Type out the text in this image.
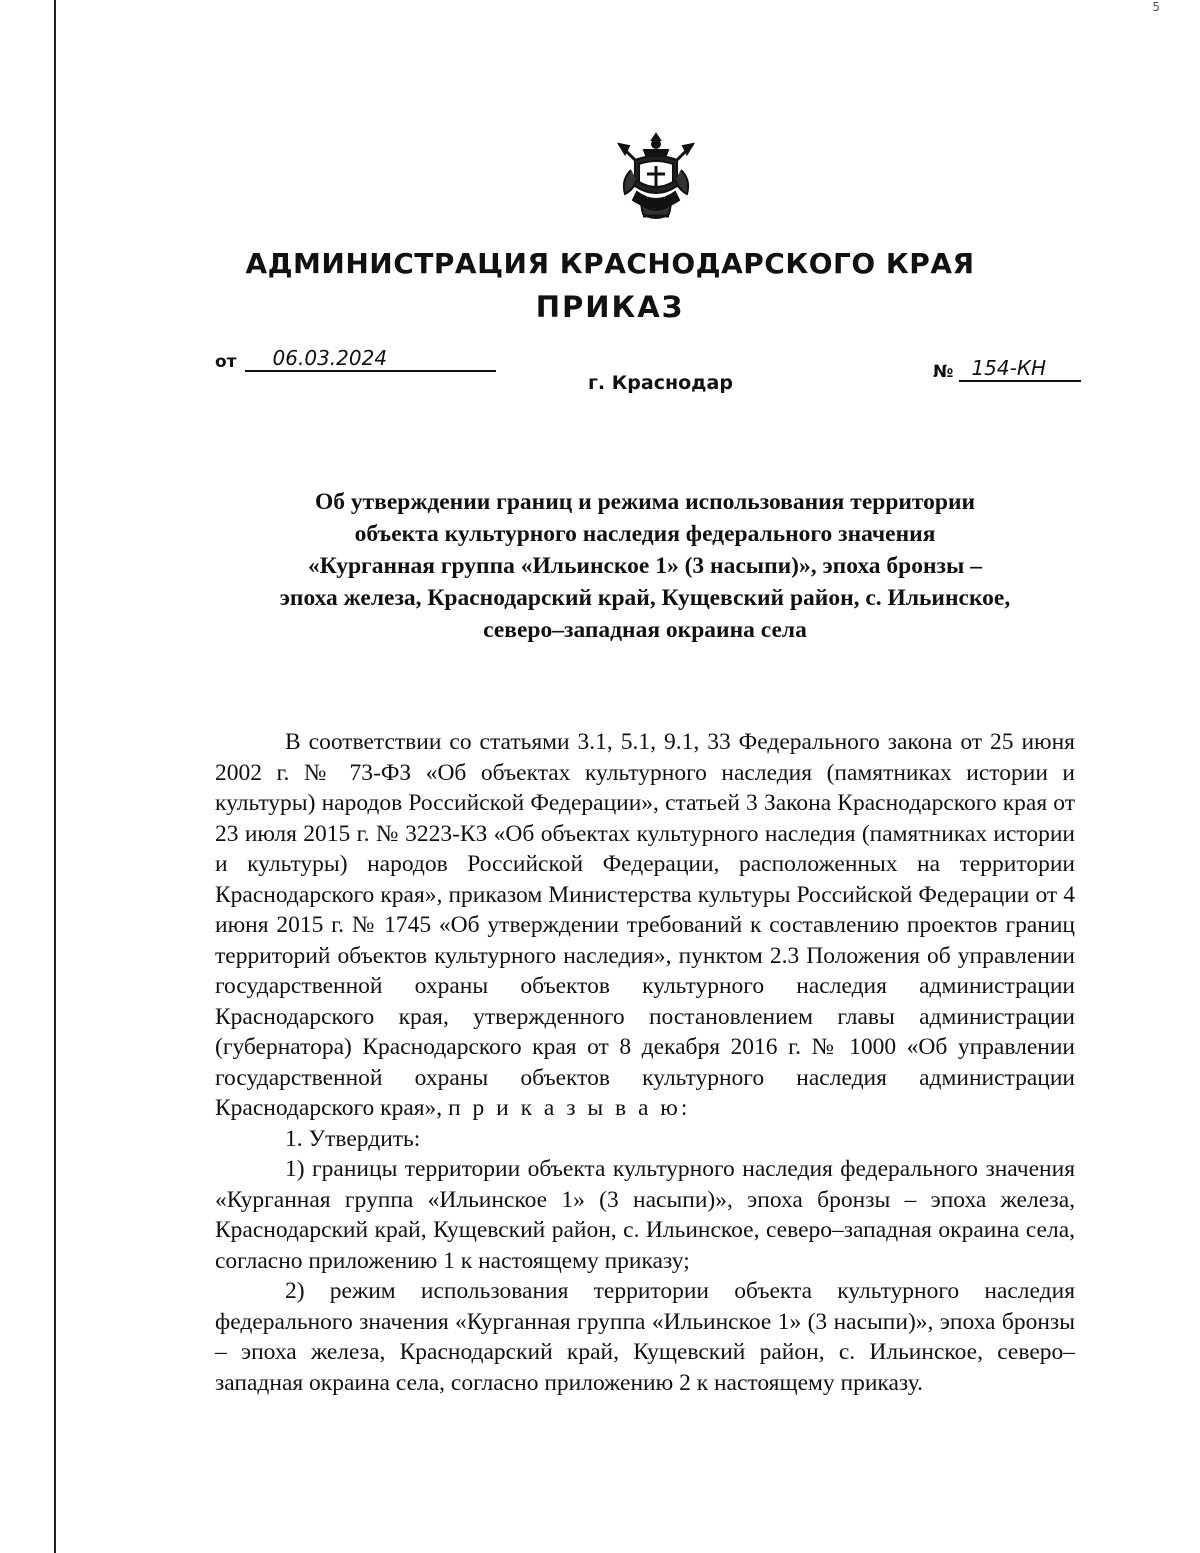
5
АДМИНИСТРАЦИЯ КРАСНОДАРСКОГО КРАЯ
ПРИКАЗ
от	06.03.2024
№ 154-КН
г. Краснодар
Об утверждении границ и режима использования территории
объекта культурного наследия федерального значения
«Курганная группа «Ильинское 1» (3 насыпи)», эпоха бронзы –
эпоха железа, Краснодарский край, Кущевский район, с. Ильинское,
северо–западная окраина села

В соответствии со статьями 3.1, 5.1, 9.1, 33 Федерального закона от 25 июня 2002 г. № 73-ФЗ «Об объектах культурного наследия (памятниках истории и культуры) народов Российской Федерации», статьей 3 Закона Краснодарского края от 23 июля 2015 г. № 3223-КЗ «Об объектах культурного наследия (памятниках истории и культуры) народов Российской Федерации, расположенных на территории Краснодарского края», приказом Министерства культуры Российской Федерации от 4 июня 2015 г. № 1745 «Об утверждении требований к составлению проектов границ территорий объектов культурного наследия», пунктом 2.3 Положения об управлении государственной охраны объектов культурного наследия администрации Краснодарского края, утвержденного постановлением главы администрации (губернатора) Краснодарского края от 8 декабря 2016 г. № 1000 «Об управлении государственной охраны объектов культурного наследия администрации Краснодарского края», п р и к а з ы в а ю:

1. Утвердить:

1) границы территории объекта культурного наследия федерального значения «Курганная группа «Ильинское 1» (3 насыпи)», эпоха бронзы – эпоха железа, Краснодарский край, Кущевский район, с. Ильинское, северо–западная окраина села, согласно приложению 1 к настоящему приказу;

2) режим использования территории объекта культурного наследия федерального значения «Курганная группа «Ильинское 1» (3 насыпи)», эпоха бронзы – эпоха железа, Краснодарский край, Кущевский район, с. Ильинское, северо–западная окраина села, согласно приложению 2 к настоящему приказу.
